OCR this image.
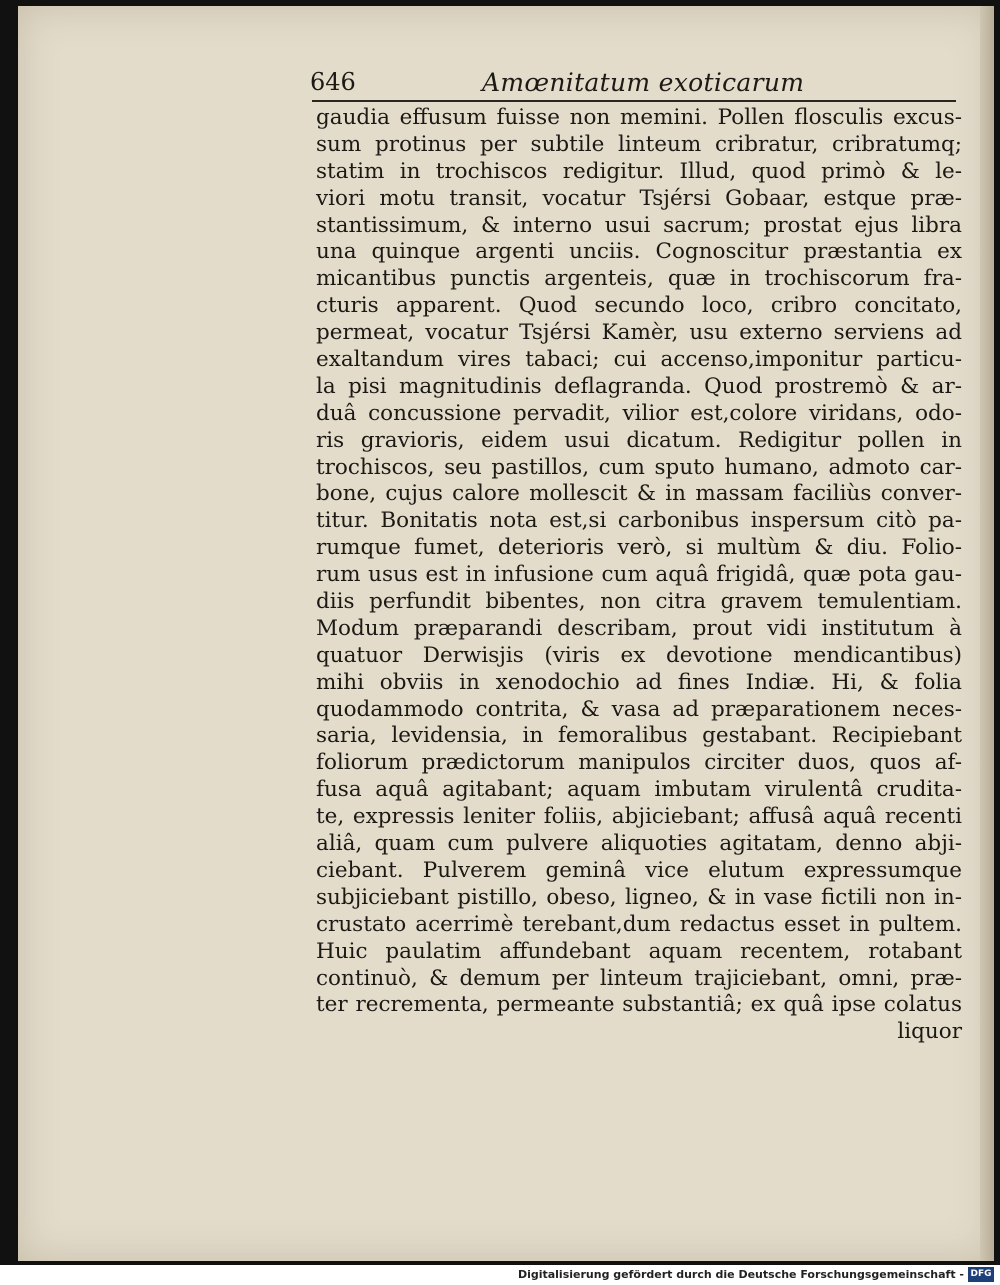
646	Amœnitatum exoticarum
gaudia effusum fuisse non memini. Pollen flosculis excus-
sum protinus per subtile linteum cribratur, cribratumq;
statim in trochiscos redigitur. Illud, quod primò & le-
viori motu transit, vocatur Tsjérsi Gobaar, estque præ-
stantissimum, & interno usui sacrum; prostat ejus libra
una quinque argenti unciis. Cognoscitur præstantia ex
micantibus punctis argenteis, quæ in trochiscorum fra-
cturis apparent. Quod secundo loco, cribro concitato,
permeat, vocatur Tsjérsi Kamèr, usu externo serviens ad
exaltandum vires tabaci; cui accenso,imponitur particu-
la pisi magnitudinis deflagranda. Quod prostremò & ar-
duâ concussione pervadit, vilior est,colore viridans, odo-
ris gravioris, eidem usui dicatum. Redigitur pollen in
trochiscos, seu pastillos, cum sputo humano, admoto car-
bone, cujus calore mollescit & in massam faciliùs conver-
titur. Bonitatis nota est,si carbonibus inspersum citò pa-
rumque fumet, deterioris verò, si multùm & diu. Folio-
rum usus est in infusione cum aquâ frigidâ, quæ pota gau-
diis perfundit bibentes, non citra gravem temulentiam.
Modum præparandi describam, prout vidi institutum à
quatuor Derwisjis (viris ex devotione mendicantibus)
mihi obviis in xenodochio ad fines Indiæ. Hi, & folia
quodammodo contrita, & vasa ad præparationem neces-
saria, levidensia, in femoralibus gestabant. Recipiebant
foliorum prædictorum manipulos circiter duos, quos af-
fusa aquâ agitabant; aquam imbutam virulentâ crudita-
te, expressis leniter foliis, abjiciebant; affusâ aquâ recenti
aliâ, quam cum pulvere aliquoties agitatam, denno abji-
ciebant. Pulverem geminâ vice elutum expressumque
subjiciebant pistillo, obeso, ligneo, & in vase fictili non in-
crustato acerrimè terebant,dum redactus esset in pultem.
Huic paulatim affundebant aquam recentem, rotabant
continuò, & demum per linteum trajiciebant, omni, præ-
ter recrementa, permeante substantiâ; ex quâ ipse colatus
liquor
Digitalisierung gefördert durch die Deutsche Forschungsgemeinschaft - DFG
